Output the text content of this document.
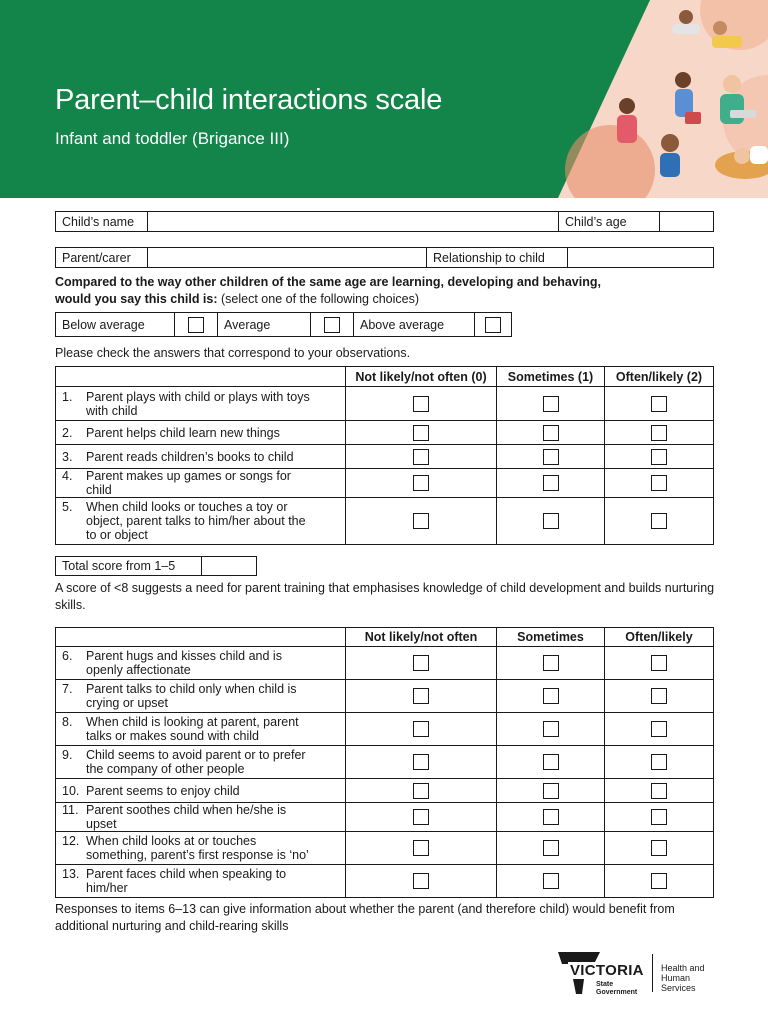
Parent–child interactions scale
Infant and toddler (Brigance III)
Child’s name		Child’s age	
Parent/carer		Relationship to child	
Compared to the way other children of the same age are learning, developing and behaving,
would you say this child is: (select one of the following choices)
Below average		Average		Above average	
Please check the answers that correspond to your observations.
	Not likely/not often (0)	Sometimes (1)	Often/likely (2)
1. Parent plays with child or plays with toys with child			
2. Parent helps child learn new things			
3. Parent reads children’s books to child			
4. Parent makes up games or songs for child			
5. When child looks or touches a toy or object, parent talks to him/her about the to or object			
Total score from 1–5	
A score of <8 suggests a need for parent training that emphasises knowledge of child development and builds nurturing skills.
	Not likely/not often	Sometimes	Often/likely
6. Parent hugs and kisses child and is openly affectionate			
7. Parent talks to child only when child is crying or upset			
8. When child is looking at parent, parent talks or makes sound with child			
9. Child seems to avoid parent or to prefer the company of other people			
10. Parent seems to enjoy child			
11. Parent soothes child when he/she is upset			
12. When child looks at or touches something, parent’s first response is ‘no’			
13. Parent faces child when speaking to him/her			
Responses to items 6–13 can give information about whether the parent (and therefore child) would benefit from additional nurturing and child-rearing skills
VICTORIA
State Government
Health and Human Services
